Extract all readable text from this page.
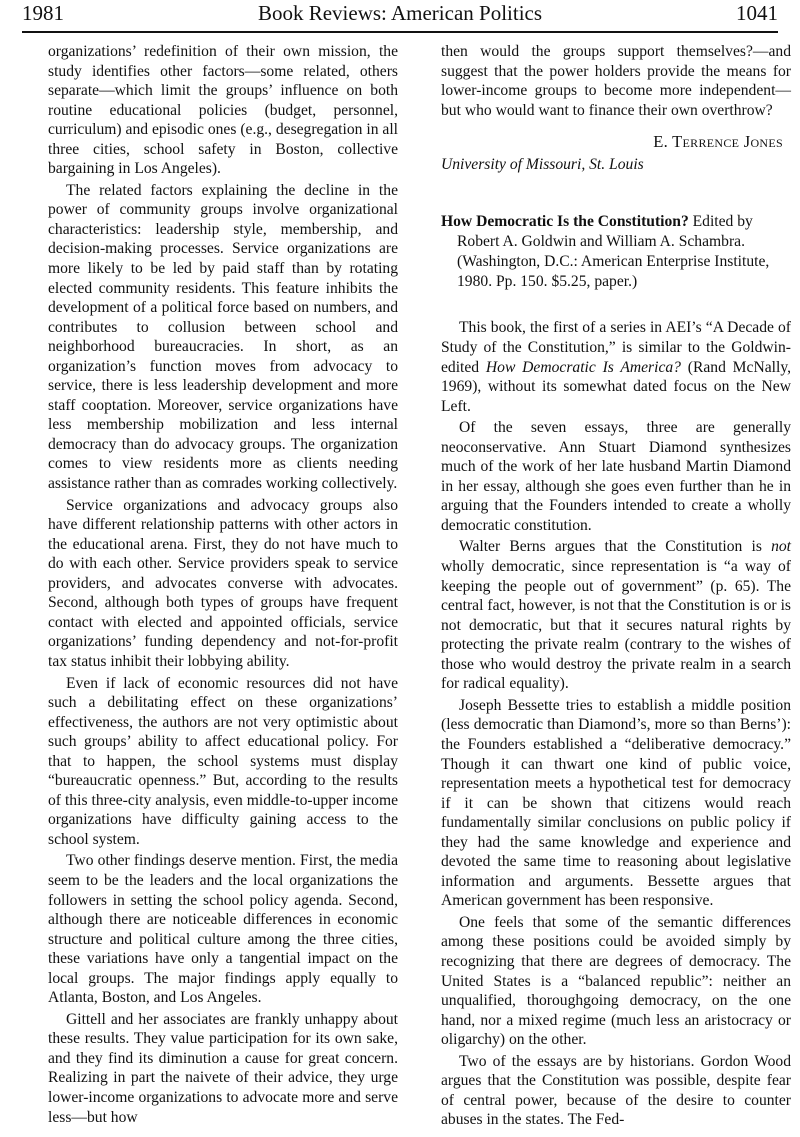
1981	Book Reviews: American Politics	1041

organizations’ redefinition of their own mission, the study identifies other factors—some related, others separate—which limit the groups’ influence on both routine educational policies (budget, personnel, curriculum) and episodic ones (e.g., desegregation in all three cities, school safety in Boston, collective bargaining in Los Angeles).

The related factors explaining the decline in the power of community groups involve organizational characteristics: leadership style, membership, and decision-making processes. Service organizations are more likely to be led by paid staff than by rotating elected community residents. This feature inhibits the development of a political force based on numbers, and contributes to collusion between school and neighborhood bureaucracies. In short, as an organization’s function moves from advocacy to service, there is less leadership development and more staff cooptation. Moreover, service organizations have less membership mobilization and less internal democracy than do advocacy groups. The organization comes to view residents more as clients needing assistance rather than as comrades working collectively.

Service organizations and advocacy groups also have different relationship patterns with other actors in the educational arena. First, they do not have much to do with each other. Service providers speak to service providers, and advocates converse with advocates. Second, although both types of groups have frequent contact with elected and appointed officials, service organizations’ funding dependency and not-for-profit tax status inhibit their lobbying ability.

Even if lack of economic resources did not have such a debilitating effect on these organizations’ effectiveness, the authors are not very optimistic about such groups’ ability to affect educational policy. For that to happen, the school systems must display “bureaucratic openness.” But, according to the results of this three-city analysis, even middle-to-upper income organizations have difficulty gaining access to the school system.

Two other findings deserve mention. First, the media seem to be the leaders and the local organizations the followers in setting the school policy agenda. Second, although there are noticeable differences in economic structure and political culture among the three cities, these variations have only a tangential impact on the local groups. The major findings apply equally to Atlanta, Boston, and Los Angeles.

Gittell and her associates are frankly unhappy about these results. They value participation for its own sake, and they find its diminution a cause for great concern. Realizing in part the naivete of their advice, they urge lower-income organizations to advocate more and serve less—but how

then would the groups support themselves?—and suggest that the power holders provide the means for lower-income groups to become more independent—but who would want to finance their own overthrow?

E. Terrence Jones
University of Missouri, St. Louis
How Democratic Is the Constitution? Edited by Robert A. Goldwin and William A. Schambra. (Washington, D.C.: American Enterprise Institute, 1980. Pp. 150. $5.25, paper.)

This book, the first of a series in AEI’s “A Decade of Study of the Constitution,” is similar to the Goldwin-edited How Democratic Is America? (Rand McNally, 1969), without its somewhat dated focus on the New Left.

Of the seven essays, three are generally neoconservative. Ann Stuart Diamond synthesizes much of the work of her late husband Martin Diamond in her essay, although she goes even further than he in arguing that the Founders intended to create a wholly democratic constitution.

Walter Berns argues that the Constitution is not wholly democratic, since representation is “a way of keeping the people out of government” (p. 65). The central fact, however, is not that the Constitution is or is not democratic, but that it secures natural rights by protecting the private realm (contrary to the wishes of those who would destroy the private realm in a search for radical equality).

Joseph Bessette tries to establish a middle position (less democratic than Diamond’s, more so than Berns’): the Founders established a “deliberative democracy.” Though it can thwart one kind of public voice, representation meets a hypothetical test for democracy if it can be shown that citizens would reach fundamentally similar conclusions on public policy if they had the same knowledge and experience and devoted the same time to reasoning about legislative information and arguments. Bessette argues that American government has been responsive.

One feels that some of the semantic differences among these positions could be avoided simply by recognizing that there are degrees of democracy. The United States is a “balanced republic”: neither an unqualified, thoroughgoing democracy, on the one hand, nor a mixed regime (much less an aristocracy or oligarchy) on the other.

Two of the essays are by historians. Gordon Wood argues that the Constitution was possible, despite fear of central power, because of the desire to counter abuses in the states. The Fed-
